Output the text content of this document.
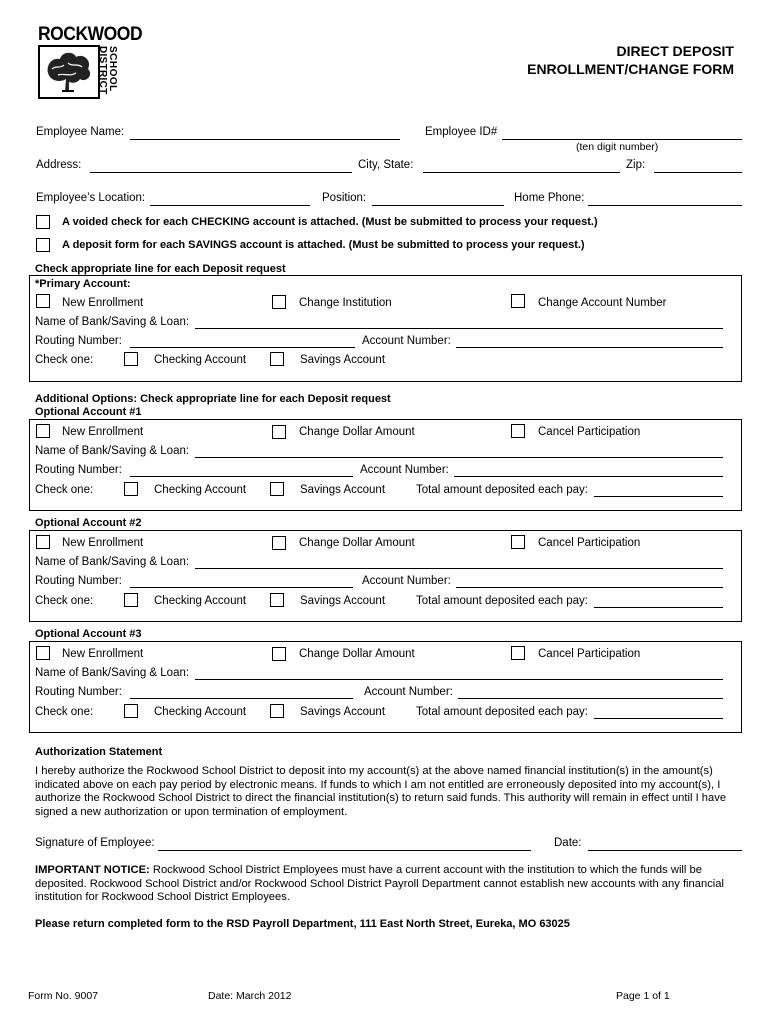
ROCKWOOD
SCHOOL
DISTRICT	DIRECT DEPOSIT
ENROLLMENT/CHANGE FORM
Employee Name:	Employee ID#
(ten digit number)
Address:	City, State:	Zip:
Employee’s Location:	Position:	Home Phone:
A voided check for each CHECKING account is attached. (Must be submitted to process your request.)
A deposit form for each SAVINGS account is attached. (Must be submitted to process your request.)
Check appropriate line for each Deposit request
*Primary Account:
New Enrollment	Change Institution	Change Account Number
Name of Bank/Saving & Loan:
Routing Number:	Account Number:
Check one:	Checking Account	Savings Account
Additional Options: Check appropriate line for each Deposit request
Optional Account #1
New Enrollment	Change Dollar Amount	Cancel Participation
Name of Bank/Saving & Loan:
Routing Number:	Account Number:
Check one:	Checking Account	Savings Account	Total amount deposited each pay:
Optional Account #2
New Enrollment	Change Dollar Amount	Cancel Participation
Name of Bank/Saving & Loan:
Routing Number:	Account Number:
Check one:	Checking Account	Savings Account	Total amount deposited each pay:
Optional Account #3
New Enrollment	Change Dollar Amount	Cancel Participation
Name of Bank/Saving & Loan:
Routing Number:	Account Number:
Check one:	Checking Account	Savings Account	Total amount deposited each pay:
Authorization Statement
I hereby authorize the Rockwood School District to deposit into my account(s) at the above named financial institution(s) in the amount(s) indicated above on each pay period by electronic means. If funds to which I am not entitled are erroneously deposited into my account(s), I authorize the Rockwood School District to direct the financial institution(s) to return said funds. This authority will remain in effect until I have signed a new authorization or upon termination of employment.
Signature of Employee:	Date:
IMPORTANT NOTICE: Rockwood School District Employees must have a current account with the institution to which the funds will be deposited. Rockwood School District and/or Rockwood School District Payroll Department cannot establish new accounts with any financial institution for Rockwood School District Employees.
Please return completed form to the RSD Payroll Department, 111 East North Street, Eureka, MO 63025
Form No. 9007	Date: March 2012	Page 1 of 1
